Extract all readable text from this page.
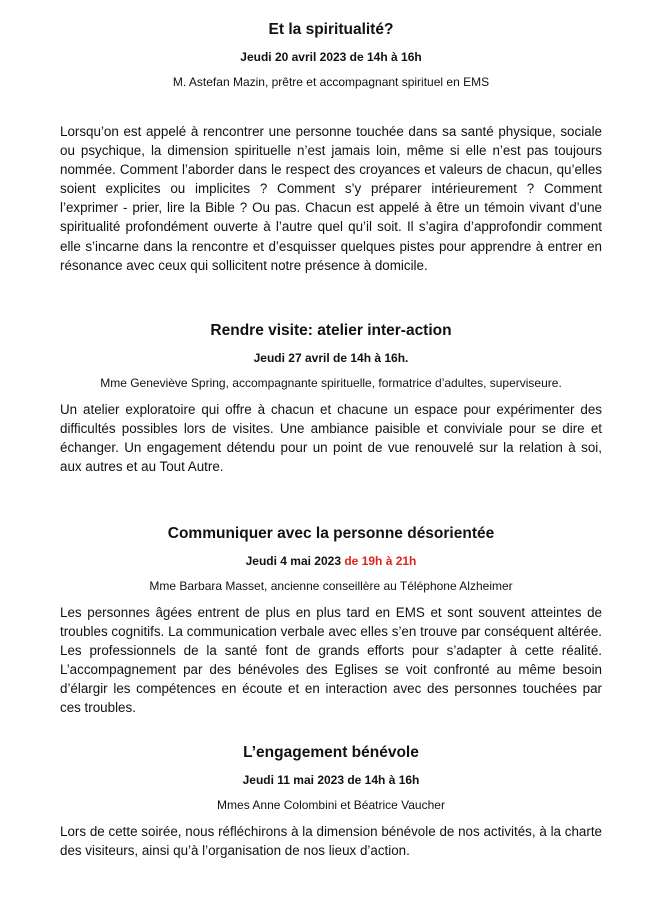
Et la spiritualité?

Jeudi 20 avril 2023 de 14h à 16h

M. Astefan Mazin, prêtre et accompagnant spirituel en EMS

Lorsqu’on est appelé à rencontrer une personne touchée dans sa santé physique, sociale ou psychique, la dimension spirituelle n’est jamais loin, même si elle n’est pas toujours nommée. Comment l’aborder dans le respect des croyances et valeurs de chacun, qu’elles soient explicites ou implicites ? Comment s’y préparer intérieurement ? Comment l’exprimer - prier, lire la Bible ? Ou pas. Chacun est appelé à être un témoin vivant d’une spiritualité profondément ouverte à l’autre quel qu’il soit. Il s’agira d’approfondir comment elle s’incarne dans la rencontre et d’esquisser quelques pistes pour apprendre à entrer en résonance avec ceux qui sollicitent notre présence à domicile.

Rendre visite: atelier inter-action

Jeudi 27 avril de 14h à 16h.

Mme Geneviève Spring, accompagnante spirituelle, formatrice d’adultes, superviseure.

Un atelier exploratoire qui offre à chacun et chacune un espace pour expérimenter des difficultés possibles lors de visites. Une ambiance paisible et conviviale pour se dire et échanger. Un engagement détendu pour un point de vue renouvelé sur la relation à soi, aux autres et au Tout Autre.

Communiquer avec la personne désorientée

Jeudi 4 mai 2023 de 19h à 21h

Mme Barbara Masset, ancienne conseillère au Téléphone Alzheimer

Les personnes âgées entrent de plus en plus tard en EMS et sont souvent atteintes de troubles cognitifs. La communication verbale avec elles s’en trouve par conséquent altérée. Les professionnels de la santé font de grands efforts pour s’adapter à cette réalité. L’accompagnement par des bénévoles des Eglises se voit confronté au même besoin d’élargir les compétences en écoute et en interaction avec des personnes touchées par ces troubles.

L’engagement bénévole

Jeudi 11 mai 2023 de 14h à 16h

Mmes Anne Colombini et Béatrice Vaucher

Lors de cette soirée, nous réfléchirons à la dimension bénévole de nos activités, à la charte des visiteurs, ainsi qu’à l’organisation de nos lieux d’action.
